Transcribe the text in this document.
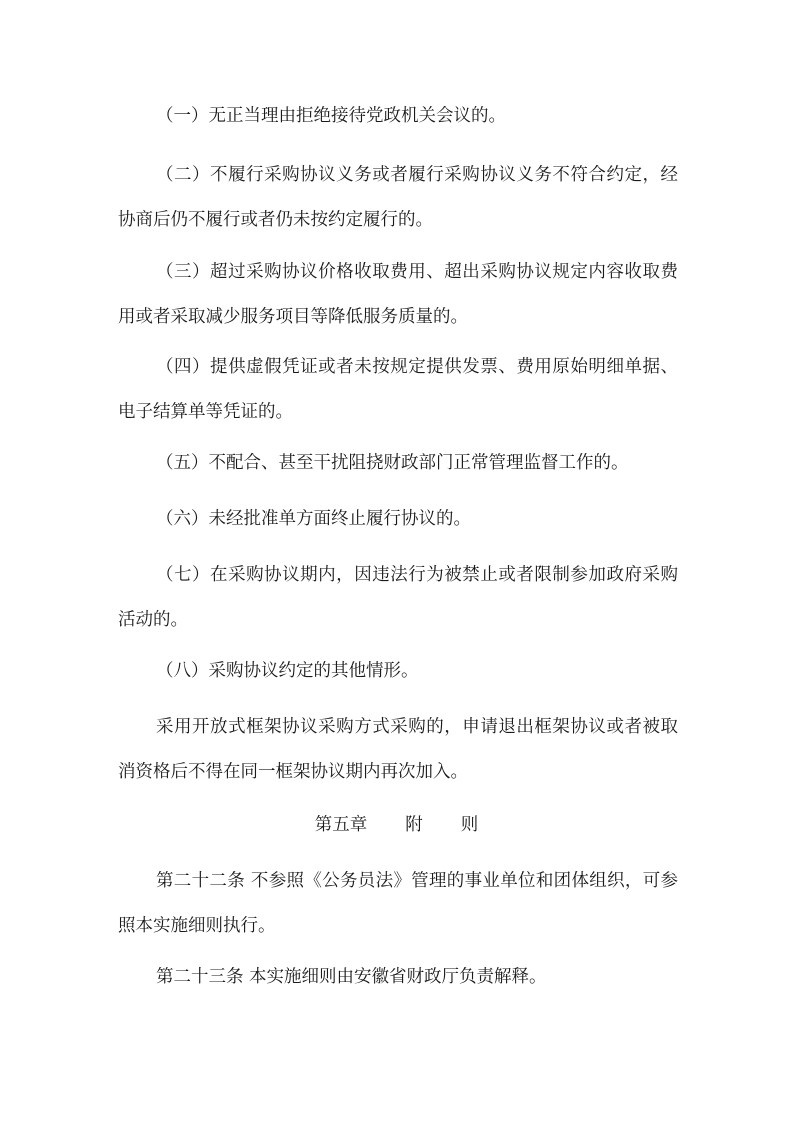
（一）无正当理由拒绝接待党政机关会议的。

（二）不履行采购协议义务或者履行采购协议义务不符合约定，经协商后仍不履行或者仍未按约定履行的。

（三）超过采购协议价格收取费用、超出采购协议规定内容收取费用或者采取减少服务项目等降低服务质量的。

（四）提供虚假凭证或者未按规定提供发票、费用原始明细单据、电子结算单等凭证的。

（五）不配合、甚至干扰阻挠财政部门正常管理监督工作的。

（六）未经批准单方面终止履行协议的。

（七）在采购协议期内，因违法行为被禁止或者限制参加政府采购活动的。

（八）采购协议约定的其他情形。

采用开放式框架协议采购方式采购的，申请退出框架协议或者被取消资格后不得在同一框架协议期内再次加入。

第五章 附 则

第二十二条 不参照《公务员法》管理的事业单位和团体组织，可参照本实施细则执行。

第二十三条 本实施细则由安徽省财政厅负责解释。
